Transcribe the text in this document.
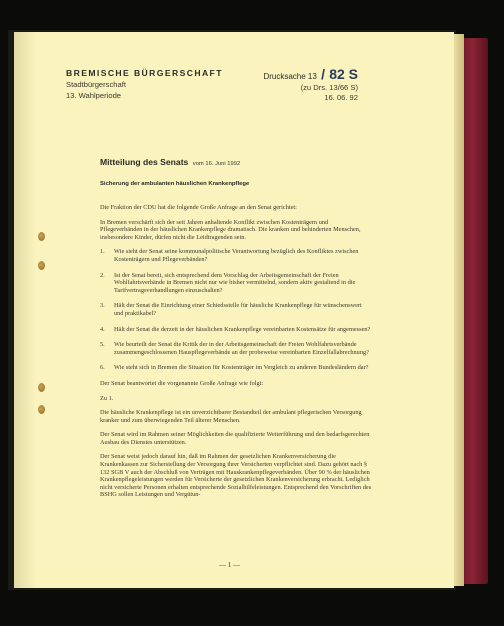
BREMISCHE BÜRGERSCHAFT
Stadtbürgerschaft
13. Wahlperiode
Drucksache 13 / 82 S
(zu Drs. 13/66 S)
16. 06. 92
Mitteilung des Senats vom 16. Juni 1992
Sicherung der ambulanten häuslichen Krankenpflege

Die Fraktion der CDU hat die folgende Große Anfrage an den Senat gerichtet:

In Bremen verschärft sich der seit Jahren anhaltende Konflikt zwischen Kostenträgern und Pflegeverbänden in der häuslichen Krankenpflege dramatisch. Die kranken und behinderten Menschen, insbesondere Kinder, dürfen nicht die Leidtragenden sein.

1.	Wie sieht der Senat seine kommunalpolitische Verantwortung bezüglich des Konfliktes zwischen Kostenträgern und Pflegeverbänden?
2.	Ist der Senat bereit, sich entsprechend dem Vorschlag der Arbeitsgemeinschaft der Freien Wohlfahrtsverbände in Bremen nicht nur wie bisher vermittelnd, sondern aktiv gestaltend in die Tarifvertragsverhandlungen einzuschalten?
3.	Hält der Senat die Einrichtung einer Schiedsstelle für häusliche Krankenpflege für wünschenswert und praktikabel?
4.	Hält der Senat die derzeit in der häuslichen Krankenpflege vereinbarten Kostensätze für angemessen?
5.	Wie beurteilt der Senat die Kritik der in der Arbeitsgemeinschaft der Freien Wohlfahrtsverbände zusammengeschlossenen Hauspflegeverbände an der probeweise vereinbarten Einzelfallabrechnung?
6.	Wie steht sich in Bremen die Situation für Kostenträger im Vergleich zu anderen Bundesländern dar?

Der Senat beantwortet die vorgenannte Große Anfrage wie folgt:

Zu 1.

Die häusliche Krankenpflege ist ein unverzichtbarer Bestandteil der ambulant pflegerischen Versorgung kranker und zum überwiegenden Teil älterer Menschen.

Der Senat wird im Rahmen seiner Möglichkeiten die qualifizierte Weiterführung und den bedarfsgerechten Ausbau des Dienstes unterstützen.

Der Senat weist jedoch darauf hin, daß im Rahmen der gesetzlichen Krankenversicherung die Krankenkassen zur Sicherstellung der Versorgung ihrer Versicherten verpflichtet sind. Dazu gehört nach § 132 SGB V auch der Abschluß von Verträgen mit Hauskrankenpflegeverbänden. Über 90 % der häuslichen Krankenpflegeleistungen werden für Versicherte der gesetzlichen Krankenversicherung erbracht. Lediglich nicht versicherte Personen erhalten entsprechende Sozialhilfeleistungen. Entsprechend den Vorschriften des BSHG sollen Leistungen und Vergütun-

— 1 —
